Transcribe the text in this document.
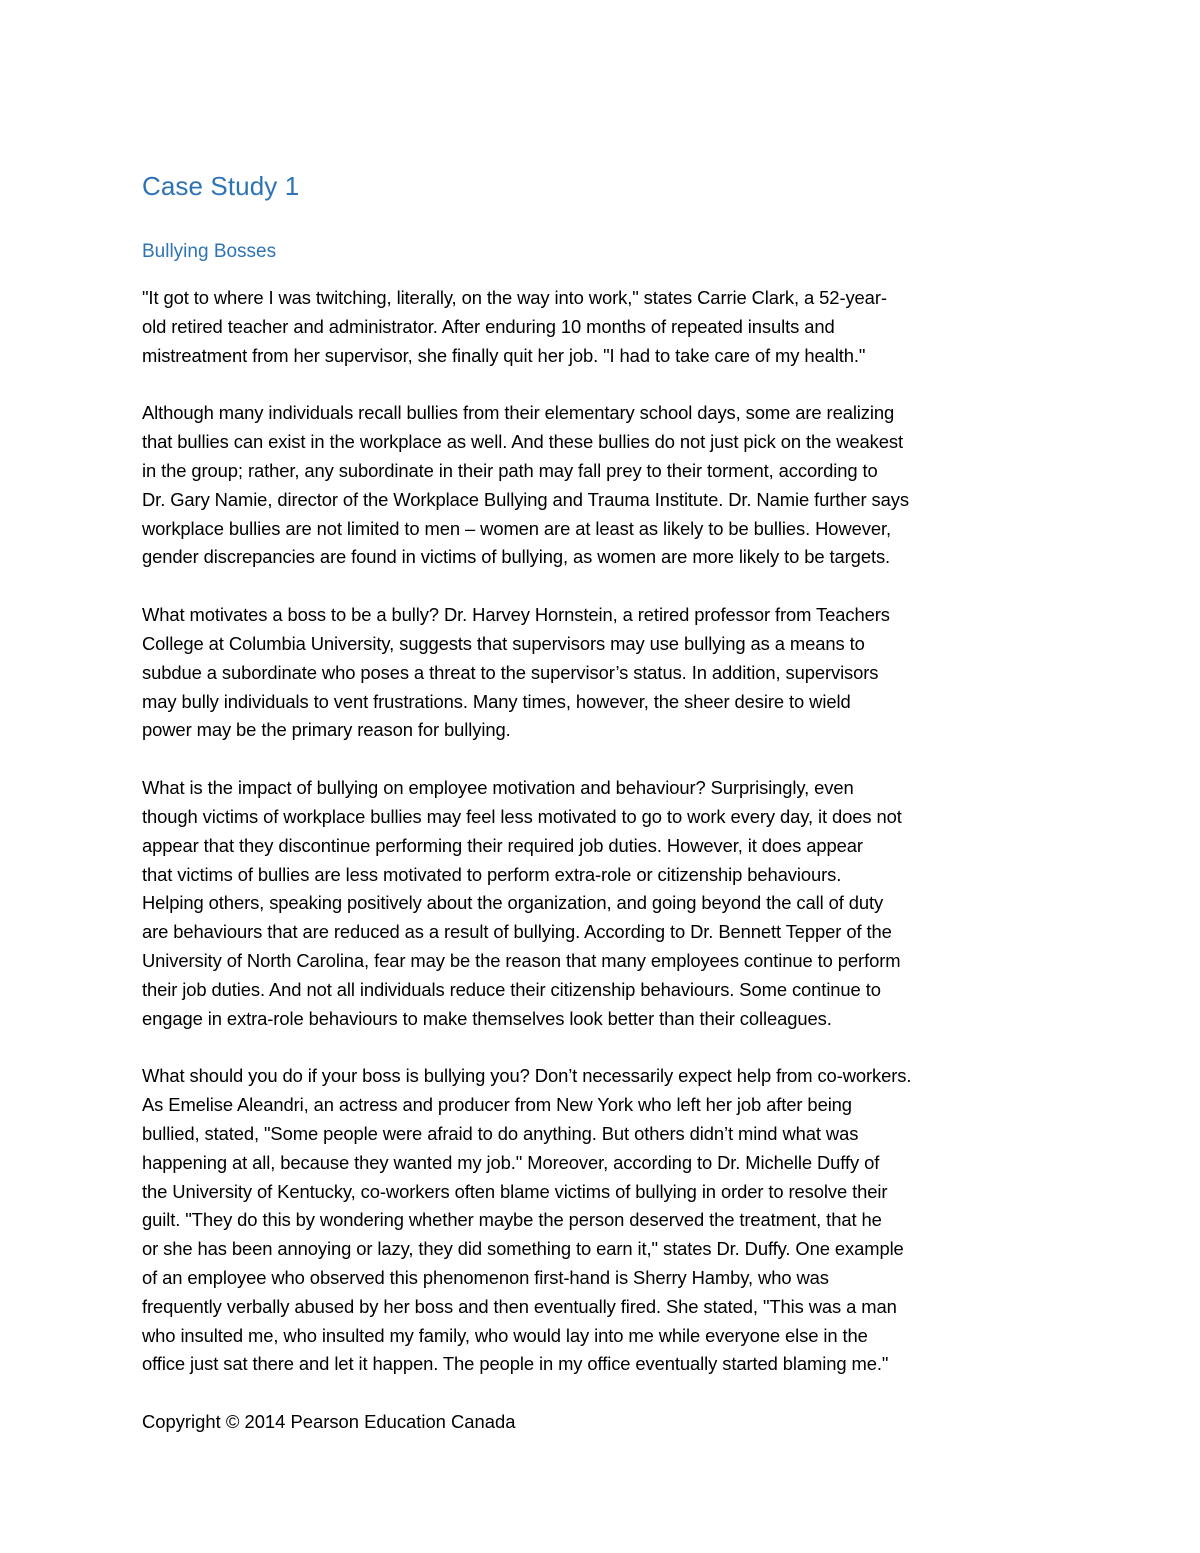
Case Study 1
Bullying Bosses

"It got to where I was twitching, literally, on the way into work," states Carrie Clark, a 52-year-
old retired teacher and administrator. After enduring 10 months of repeated insults and
mistreatment from her supervisor, she finally quit her job. "I had to take care of my health."

Although many individuals recall bullies from their elementary school days, some are realizing
that bullies can exist in the workplace as well. And these bullies do not just pick on the weakest
in the group; rather, any subordinate in their path may fall prey to their torment, according to
Dr. Gary Namie, director of the Workplace Bullying and Trauma Institute. Dr. Namie further says
workplace bullies are not limited to men – women are at least as likely to be bullies. However,
gender discrepancies are found in victims of bullying, as women are more likely to be targets.

What motivates a boss to be a bully? Dr. Harvey Hornstein, a retired professor from Teachers
College at Columbia University, suggests that supervisors may use bullying as a means to
subdue a subordinate who poses a threat to the supervisor’s status. In addition, supervisors
may bully individuals to vent frustrations. Many times, however, the sheer desire to wield
power may be the primary reason for bullying.

What is the impact of bullying on employee motivation and behaviour? Surprisingly, even
though victims of workplace bullies may feel less motivated to go to work every day, it does not
appear that they discontinue performing their required job duties. However, it does appear
that victims of bullies are less motivated to perform extra-role or citizenship behaviours.
Helping others, speaking positively about the organization, and going beyond the call of duty
are behaviours that are reduced as a result of bullying. According to Dr. Bennett Tepper of the
University of North Carolina, fear may be the reason that many employees continue to perform
their job duties. And not all individuals reduce their citizenship behaviours. Some continue to
engage in extra-role behaviours to make themselves look better than their colleagues.

What should you do if your boss is bullying you? Don’t necessarily expect help from co-workers.
As Emelise Aleandri, an actress and producer from New York who left her job after being
bullied, stated, "Some people were afraid to do anything. But others didn’t mind what was
happening at all, because they wanted my job." Moreover, according to Dr. Michelle Duffy of
the University of Kentucky, co-workers often blame victims of bullying in order to resolve their
guilt. "They do this by wondering whether maybe the person deserved the treatment, that he
or she has been annoying or lazy, they did something to earn it," states Dr. Duffy. One example
of an employee who observed this phenomenon first-hand is Sherry Hamby, who was
frequently verbally abused by her boss and then eventually fired. She stated, "This was a man
who insulted me, who insulted my family, who would lay into me while everyone else in the
office just sat there and let it happen. The people in my office eventually started blaming me."

Copyright © 2014 Pearson Education Canada
